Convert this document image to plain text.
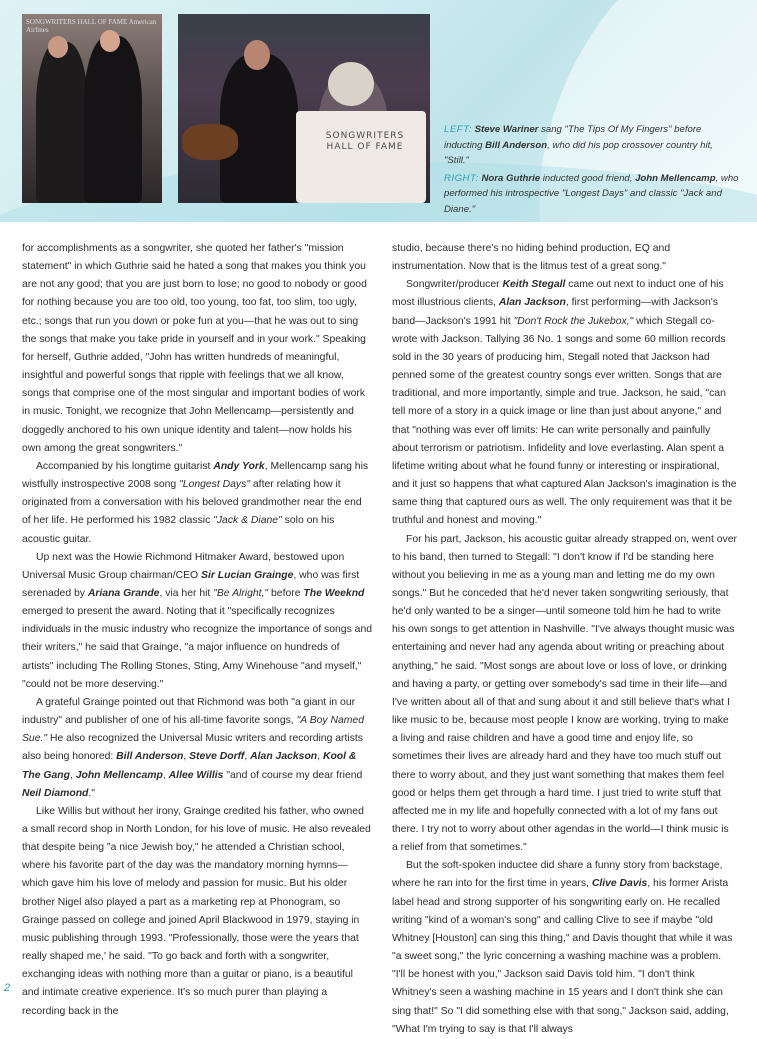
SONGWRITERS HALL OF FAME American Airlines
SONGWRITERS HALL OF FAME

LEFT: Steve Wariner sang "The Tips Of My Fingers" before inducting Bill Anderson, who did his pop crossover country hit, "Still."

RIGHT: Nora Guthrie inducted good friend, John Mellencamp, who performed his introspective "Longest Days" and classic "Jack and Diane."

for accomplishments as a songwriter, she quoted her father's "mission statement" in which Guthrie said he hated a song that makes you think you are not any good; that you are just born to lose; no good to nobody or good for nothing because you are too old, too young, too fat, too slim, too ugly, etc.; songs that run you down or poke fun at you—that he was out to sing the songs that make you take pride in yourself and in your work." Speaking for herself, Guthrie added, "John has written hundreds of meaningful, insightful and powerful songs that ripple with feelings that we all know, songs that comprise one of the most singular and important bodies of work in music. Tonight, we recognize that John Mellencamp—persistently and doggedly anchored to his own unique identity and talent—now holds his own among the great songwriters."

Accompanied by his longtime guitarist Andy York, Mellencamp sang his wistfully instrospective 2008 song "Longest Days" after relating how it originated from a conversation with his beloved grandmother near the end of her life. He performed his 1982 classic "Jack & Diane" solo on his acoustic guitar.

Up next was the Howie Richmond Hitmaker Award, bestowed upon Universal Music Group chairman/CEO Sir Lucian Grainge, who was first serenaded by Ariana Grande, via her hit "Be Alright," before The Weeknd emerged to present the award. Noting that it "specifically recognizes individuals in the music industry who recognize the importance of songs and their writers," he said that Grainge, "a major influence on hundreds of artists" including The Rolling Stones, Sting, Amy Winehouse "and myself," "could not be more deserving."

A grateful Grainge pointed out that Richmond was both "a giant in our industry" and publisher of one of his all-time favorite songs, "A Boy Named Sue." He also recognized the Universal Music writers and recording artists also being honored: Bill Anderson, Steve Dorff, Alan Jackson, Kool & The Gang, John Mellencamp, Allee Willis "and of course my dear friend Neil Diamond."

Like Willis but without her irony, Grainge credited his father, who owned a small record shop in North London, for his love of music. He also revealed that despite being "a nice Jewish boy," he attended a Christian school, where his favorite part of the day was the mandatory morning hymns—which gave him his love of melody and passion for music. But his older brother Nigel also played a part as a marketing rep at Phonogram, so Grainge passed on college and joined April Blackwood in 1979, staying in music publishing through 1993. "Professionally, those were the years that really shaped me,' he said. "To go back and forth with a songwriter, exchanging ideas with nothing more than a guitar or piano, is a beautiful and intimate creative experience. It's so much purer than playing a recording back in the

studio, because there's no hiding behind production, EQ and instrumentation. Now that is the litmus test of a great song."

Songwriter/producer Keith Stegall came out next to induct one of his most illustrious clients, Alan Jackson, first performing—with Jackson's band—Jackson's 1991 hit "Don't Rock the Jukebox," which Stegall co-wrote with Jackson. Tallying 36 No. 1 songs and some 60 million records sold in the 30 years of producing him, Stegall noted that Jackson had penned some of the greatest country songs ever written. Songs that are traditional, and more importantly, simple and true. Jackson, he said, "can tell more of a story in a quick image or line than just about anyone," and that "nothing was ever off limits: He can write personally and painfully about terrorism or patriotism. Infidelity and love everlasting. Alan spent a lifetime writing about what he found funny or interesting or inspirational, and it just so happens that what captured Alan Jackson's imagination is the same thing that captured ours as well. The only requirement was that it be truthful and honest and moving."

For his part, Jackson, his acoustic guitar already strapped on, went over to his band, then turned to Stegall: "I don't know if I'd be standing here without you believing in me as a young man and letting me do my own songs." But he conceded that he'd never taken songwriting seriously, that he'd only wanted to be a singer—until someone told him he had to write his own songs to get attention in Nashville. "I've always thought music was entertaining and never had any agenda about writing or preaching about anything," he said. "Most songs are about love or loss of love, or drinking and having a party, or getting over somebody's sad time in their life—and I've written about all of that and sung about it and still believe that's what I like music to be, because most people I know are working, trying to make a living and raise children and have a good time and enjoy life, so sometimes their lives are already hard and they have too much stuff out there to worry about, and they just want something that makes them feel good or helps them get through a hard time. I just tried to write stuff that affected me in my life and hopefully connected with a lot of my fans out there. I try not to worry about other agendas in the world—I think music is a relief from that sometimes."

But the soft-spoken inductee did share a funny story from backstage, where he ran into for the first time in years, Clive Davis, his former Arista label head and strong supporter of his songwriting early on. He recalled writing "kind of a woman's song" and calling Clive to see if maybe "old Whitney [Houston] can sing this thing," and Davis thought that while it was "a sweet song," the lyric concerning a washing machine was a problem. "I'll be honest with you," Jackson said Davis told him. "I don't think Whitney's seen a washing machine in 15 years and I don't think she can sing that!" So "I did something else with that song," Jackson said, adding, "What I'm trying to say is that I'll always

2
